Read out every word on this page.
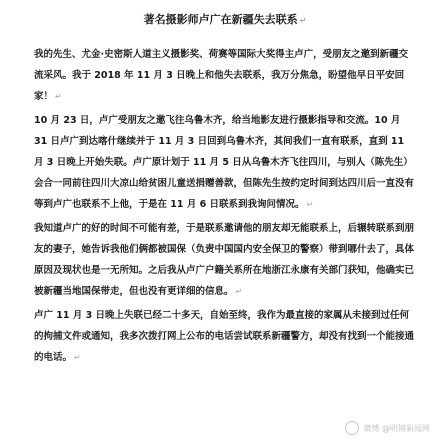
著名摄影师卢广在新疆失去联系 ↵

我的先生、尤金·史密斯人道主义摄影奖、荷赛等国际大奖得主卢广，受朋友之邀到新疆交流采风。我于 2018 年 11 月 3 日晚上和他失去联系，我万分焦急，盼望他早日平安回家！ ↵

10 月 23 日，卢广受朋友之邀飞往乌鲁木齐，给当地影友进行摄影指导和交流。10 月 31 日卢广到达喀什继续并于 11 月 3 日回到乌鲁木齐，其间我们一直有联系，直到 11 月 3 日晚上开始失联。卢广原计划于 11 月 5 日从乌鲁木齐飞往四川，与别人（陈先生）会合一同前往四川大凉山给贫困儿童送捐赠善款，但陈先生按约定时间到达四川后一直没有等到卢广也联系不上他，于是在 11 月 6 日联系到我询问情况。 ↵

我知道卢广的好的时间不可能有差，于是联系邀请他的朋友却无能联系上，后辗转联系到朋友的妻子，她告诉我他们俩都被国保（负责中国国内安全保卫的警察）带到哪什去了，具体原因及现状也是一无所知。之后我从卢广户籍关系所在地浙江永康有关部门获知，他确实已被新疆当地国保带走，但也没有更详细的信息。 ↵

卢广 11 月 3 日晚上失联已经二十多天，自始至终，我作为最直接的家属从未接到过任何的拘捕文件或通知，我多次拨打网上公布的电话尝试联系新疆警方，却没有找到一个能接通的电话。 ↵

微博 @明镜新闻网
